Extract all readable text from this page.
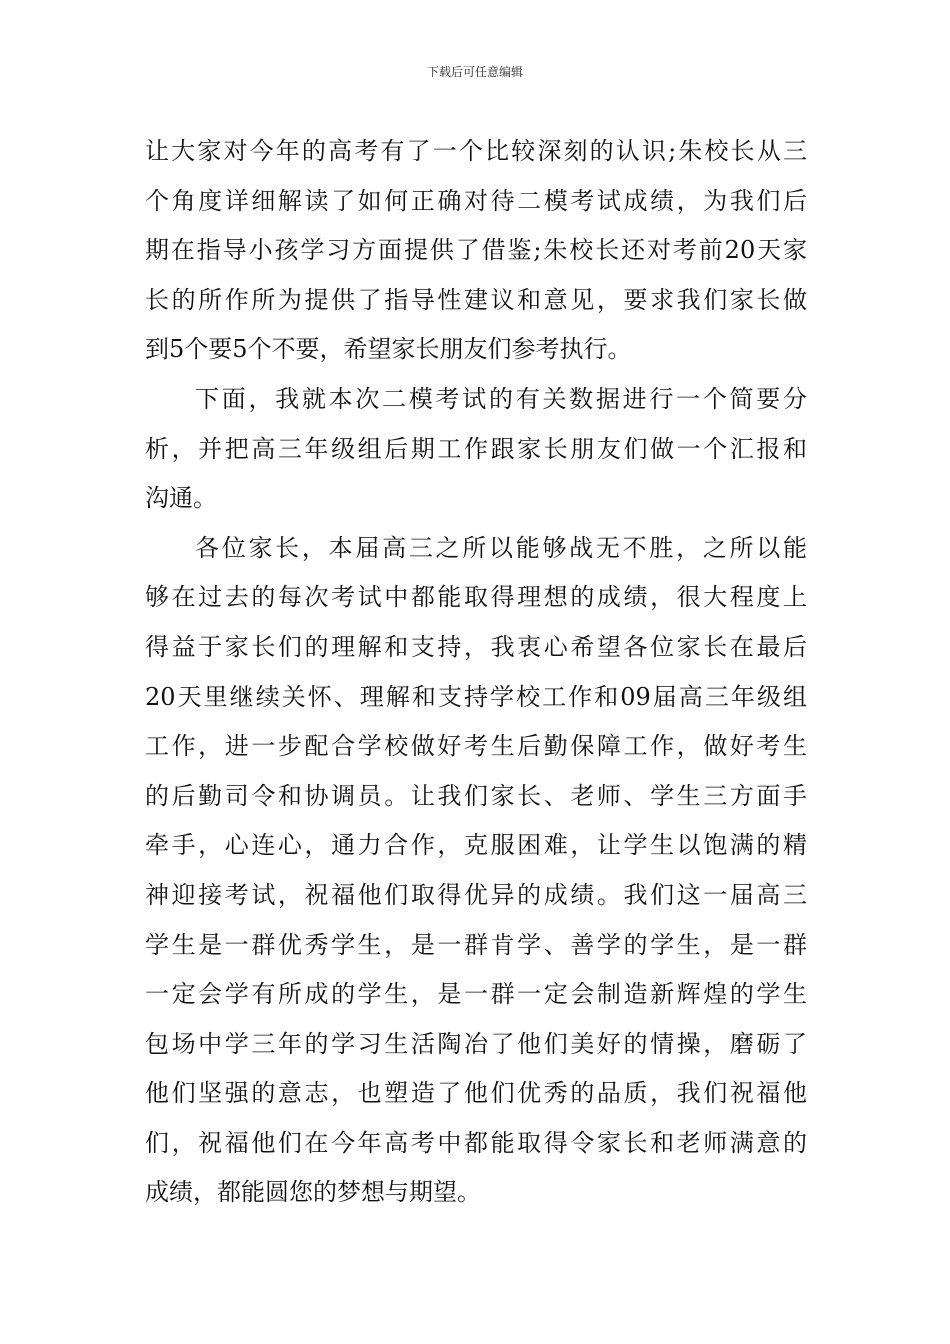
下载后可任意编辑
让大家对今年的高考有了一个比较深刻的认识;朱校长从三
个角度详细解读了如何正确对待二模考试成绩，为我们后
期在指导小孩学习方面提供了借鉴;朱校长还对考前20天家
长的所作所为提供了指导性建议和意见，要求我们家长做
到5个要5个不要，希望家长朋友们参考执行。
下面，我就本次二模考试的有关数据进行一个简要分
析，并把高三年级组后期工作跟家长朋友们做一个汇报和
沟通。
各位家长，本届高三之所以能够战无不胜，之所以能
够在过去的每次考试中都能取得理想的成绩，很大程度上
得益于家长们的理解和支持，我衷心希望各位家长在最后
20天里继续关怀、理解和支持学校工作和09届高三年级组
工作，进一步配合学校做好考生后勤保障工作，做好考生
的后勤司令和协调员。让我们家长、老师、学生三方面手
牵手，心连心，通力合作，克服困难，让学生以饱满的精
神迎接考试，祝福他们取得优异的成绩。我们这一届高三
学生是一群优秀学生，是一群肯学、善学的学生，是一群
一定会学有所成的学生，是一群一定会制造新辉煌的学生
包场中学三年的学习生活陶冶了他们美好的情操，磨砺了
他们坚强的意志，也塑造了他们优秀的品质，我们祝福他
们，祝福他们在今年高考中都能取得令家长和老师满意的
成绩，都能圆您的梦想与期望。
